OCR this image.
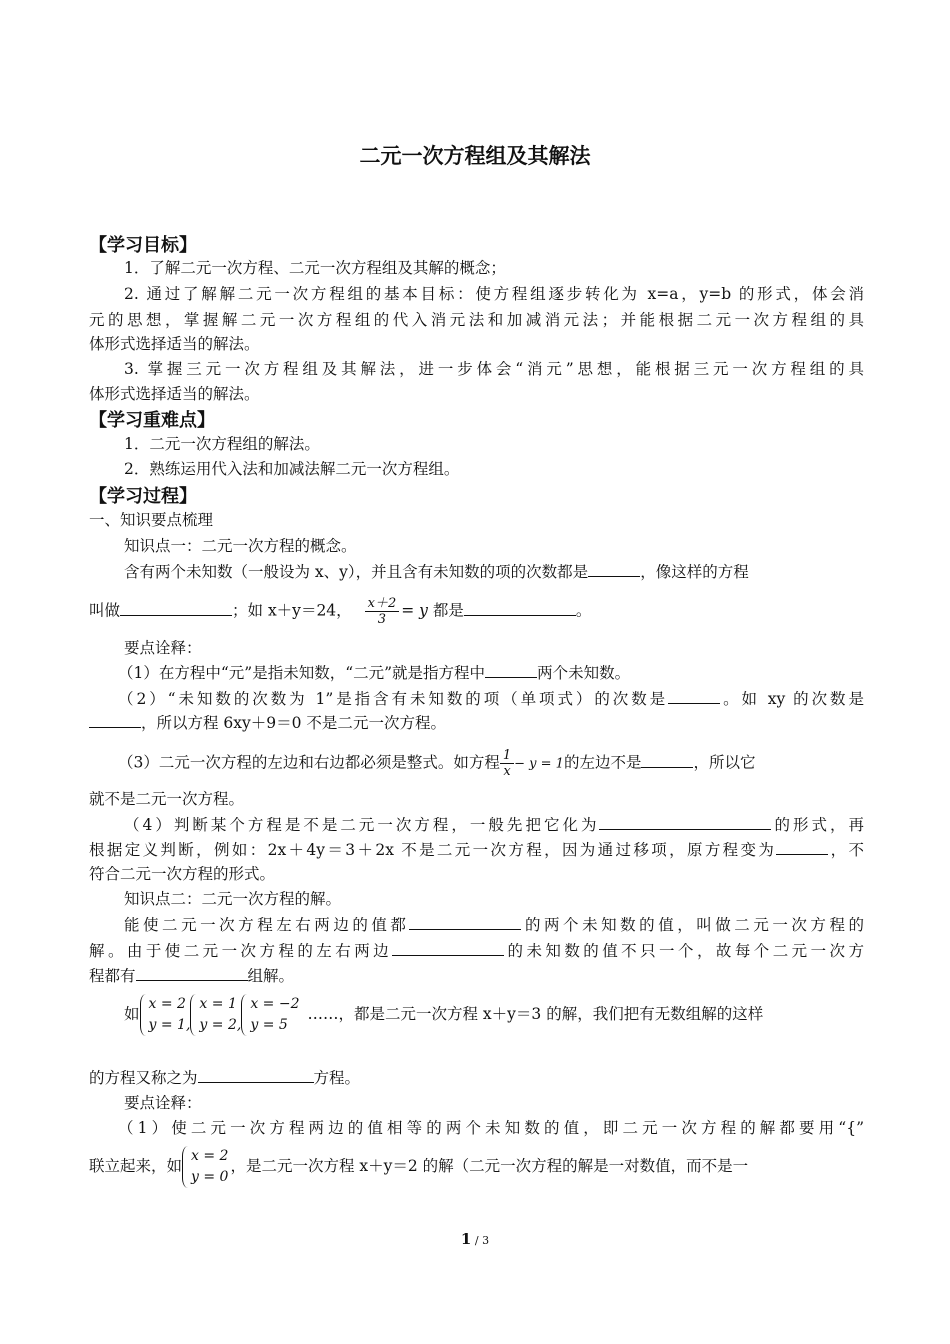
二元一次方程组及其解法
【学习目标】
1．了解二元一次方程、二元一次方程组及其解的概念；
2. 通过了解解二元一次方程组的基本目标：使方程组逐步转化为 x=a，y=b 的形式，体会消
元的思想，掌握解二元一次方程组的代入消元法和加减消元法；并能根据二元一次方程组的具
体形式选择适当的解法。
3. 掌握三元一次方程组及其解法，进一步体会“消元”思想，能根据三元一次方程组的具
体形式选择适当的解法。
【学习重难点】
1．二元一次方程组的解法。
2．熟练运用代入法和加减法解二元一次方程组。
【学习过程】
一、知识要点梳理
知识点一：二元一次方程的概念。
含有两个未知数（一般设为 x、y），并且含有未知数的项的次数都是	，像这样的方程
叫做	；如 x＋y＝24， $\frac{x+2}{3} = y$ 都是	。
要点诠释：
（1）在方程中“元”是指未知数，“二元”就是指方程中	两个未知数。
（2）“未知数的次数为 1”是指含有未知数的项（单项式）的次数是	。如 xy 的次数是
，所以方程 6xy＋9＝0 不是二元一次方程。
（3）二元一次方程的左边和右边都必须是整式。如方程 $\frac{1}{x} - y = 1$的左边不是	，所以它
就不是二元一次方程。
（4）判断某个方程是不是二元一次方程，一般先把它化为	的形式，再
根据定义判断，例如：2x＋4y＝3＋2x 不是二元一次方程，因为通过移项，原方程变为	，不
符合二元一次方程的形式。
知识点二：二元一次方程的解。
能使二元一次方程左右两边的值都	的两个未知数的值，叫做二元一次方程的
解。由于使二元一次方程的左右两边	的未知数的值不只一个，故每个二元一次方
程都有	组解。
如
x = 2
y = 1,
x = 1
y = 2,
x = −2
y = 5
……，都是二元一次方程 x＋y＝3 的解，我们把有无数组解的这样
的方程又称之为	方程。
要点诠释：
（1）使二元一次方程两边的值相等的两个未知数的值，即二元一次方程的解都要用“{”
联立起来，如
x = 2
y = 0
，是二元一次方程 x＋y＝2 的解（二元一次方程的解是一对数值，而不是一
1 / 3
